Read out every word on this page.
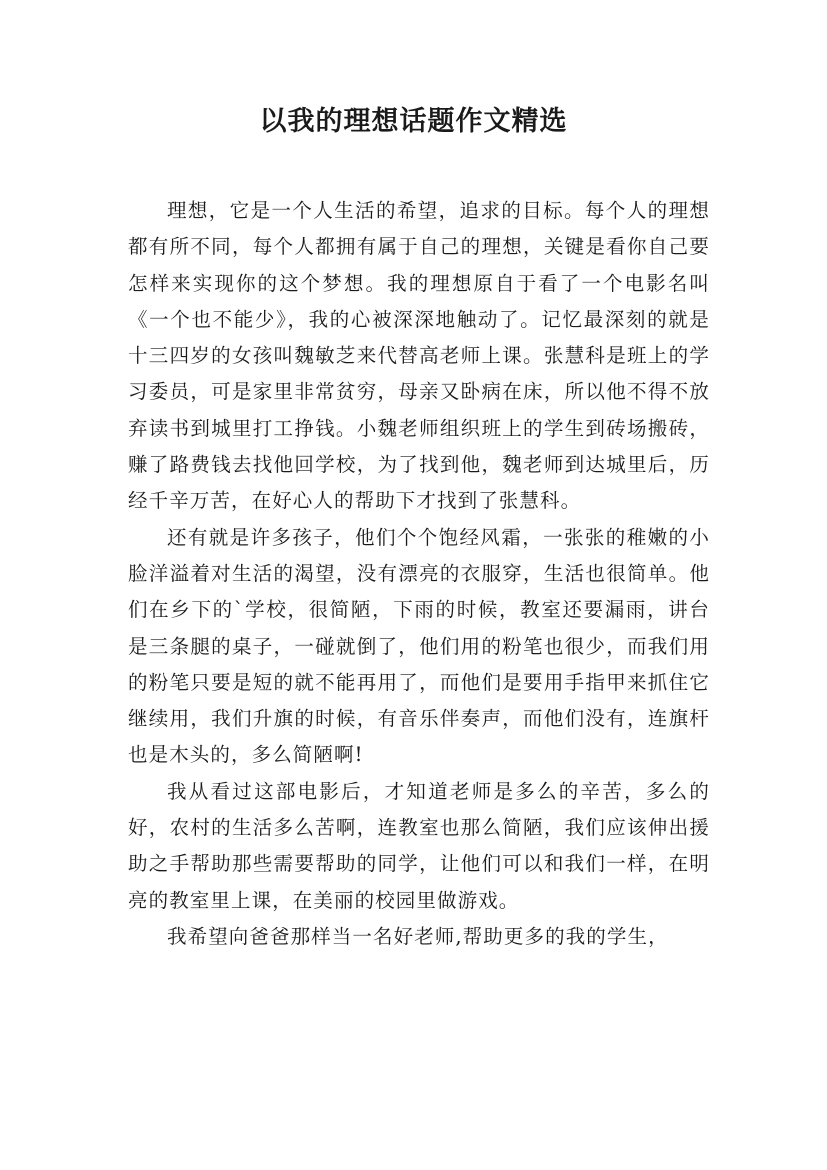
以我的理想话题作文精选

理想，它是一个人生活的希望，追求的目标。每个人的理想都有所不同，每个人都拥有属于自己的理想，关键是看你自己要怎样来实现你的这个梦想。我的理想原自于看了一个电影名叫《一个也不能少》，我的心被深深地触动了。记忆最深刻的就是十三四岁的女孩叫魏敏芝来代替高老师上课。张慧科是班上的学习委员，可是家里非常贫穷，母亲又卧病在床，所以他不得不放弃读书到城里打工挣钱。小魏老师组织班上的学生到砖场搬砖，赚了路费钱去找他回学校，为了找到他，魏老师到达城里后，历经千辛万苦，在好心人的帮助下才找到了张慧科。

还有就是许多孩子，他们个个饱经风霜，一张张的稚嫩的小脸洋溢着对生活的渴望，没有漂亮的衣服穿，生活也很简单。他们在乡下的`学校，很简陋，下雨的时候，教室还要漏雨，讲台是三条腿的桌子，一碰就倒了，他们用的粉笔也很少，而我们用的粉笔只要是短的就不能再用了，而他们是要用手指甲来抓住它继续用，我们升旗的时候，有音乐伴奏声，而他们没有，连旗杆也是木头的，多么简陋啊!

我从看过这部电影后，才知道老师是多么的辛苦，多么的好，农村的生活多么苦啊，连教室也那么简陋，我们应该伸出援助之手帮助那些需要帮助的同学，让他们可以和我们一样，在明亮的教室里上课，在美丽的校园里做游戏。

我希望向爸爸那样当一名好老师,帮助更多的我的学生，
